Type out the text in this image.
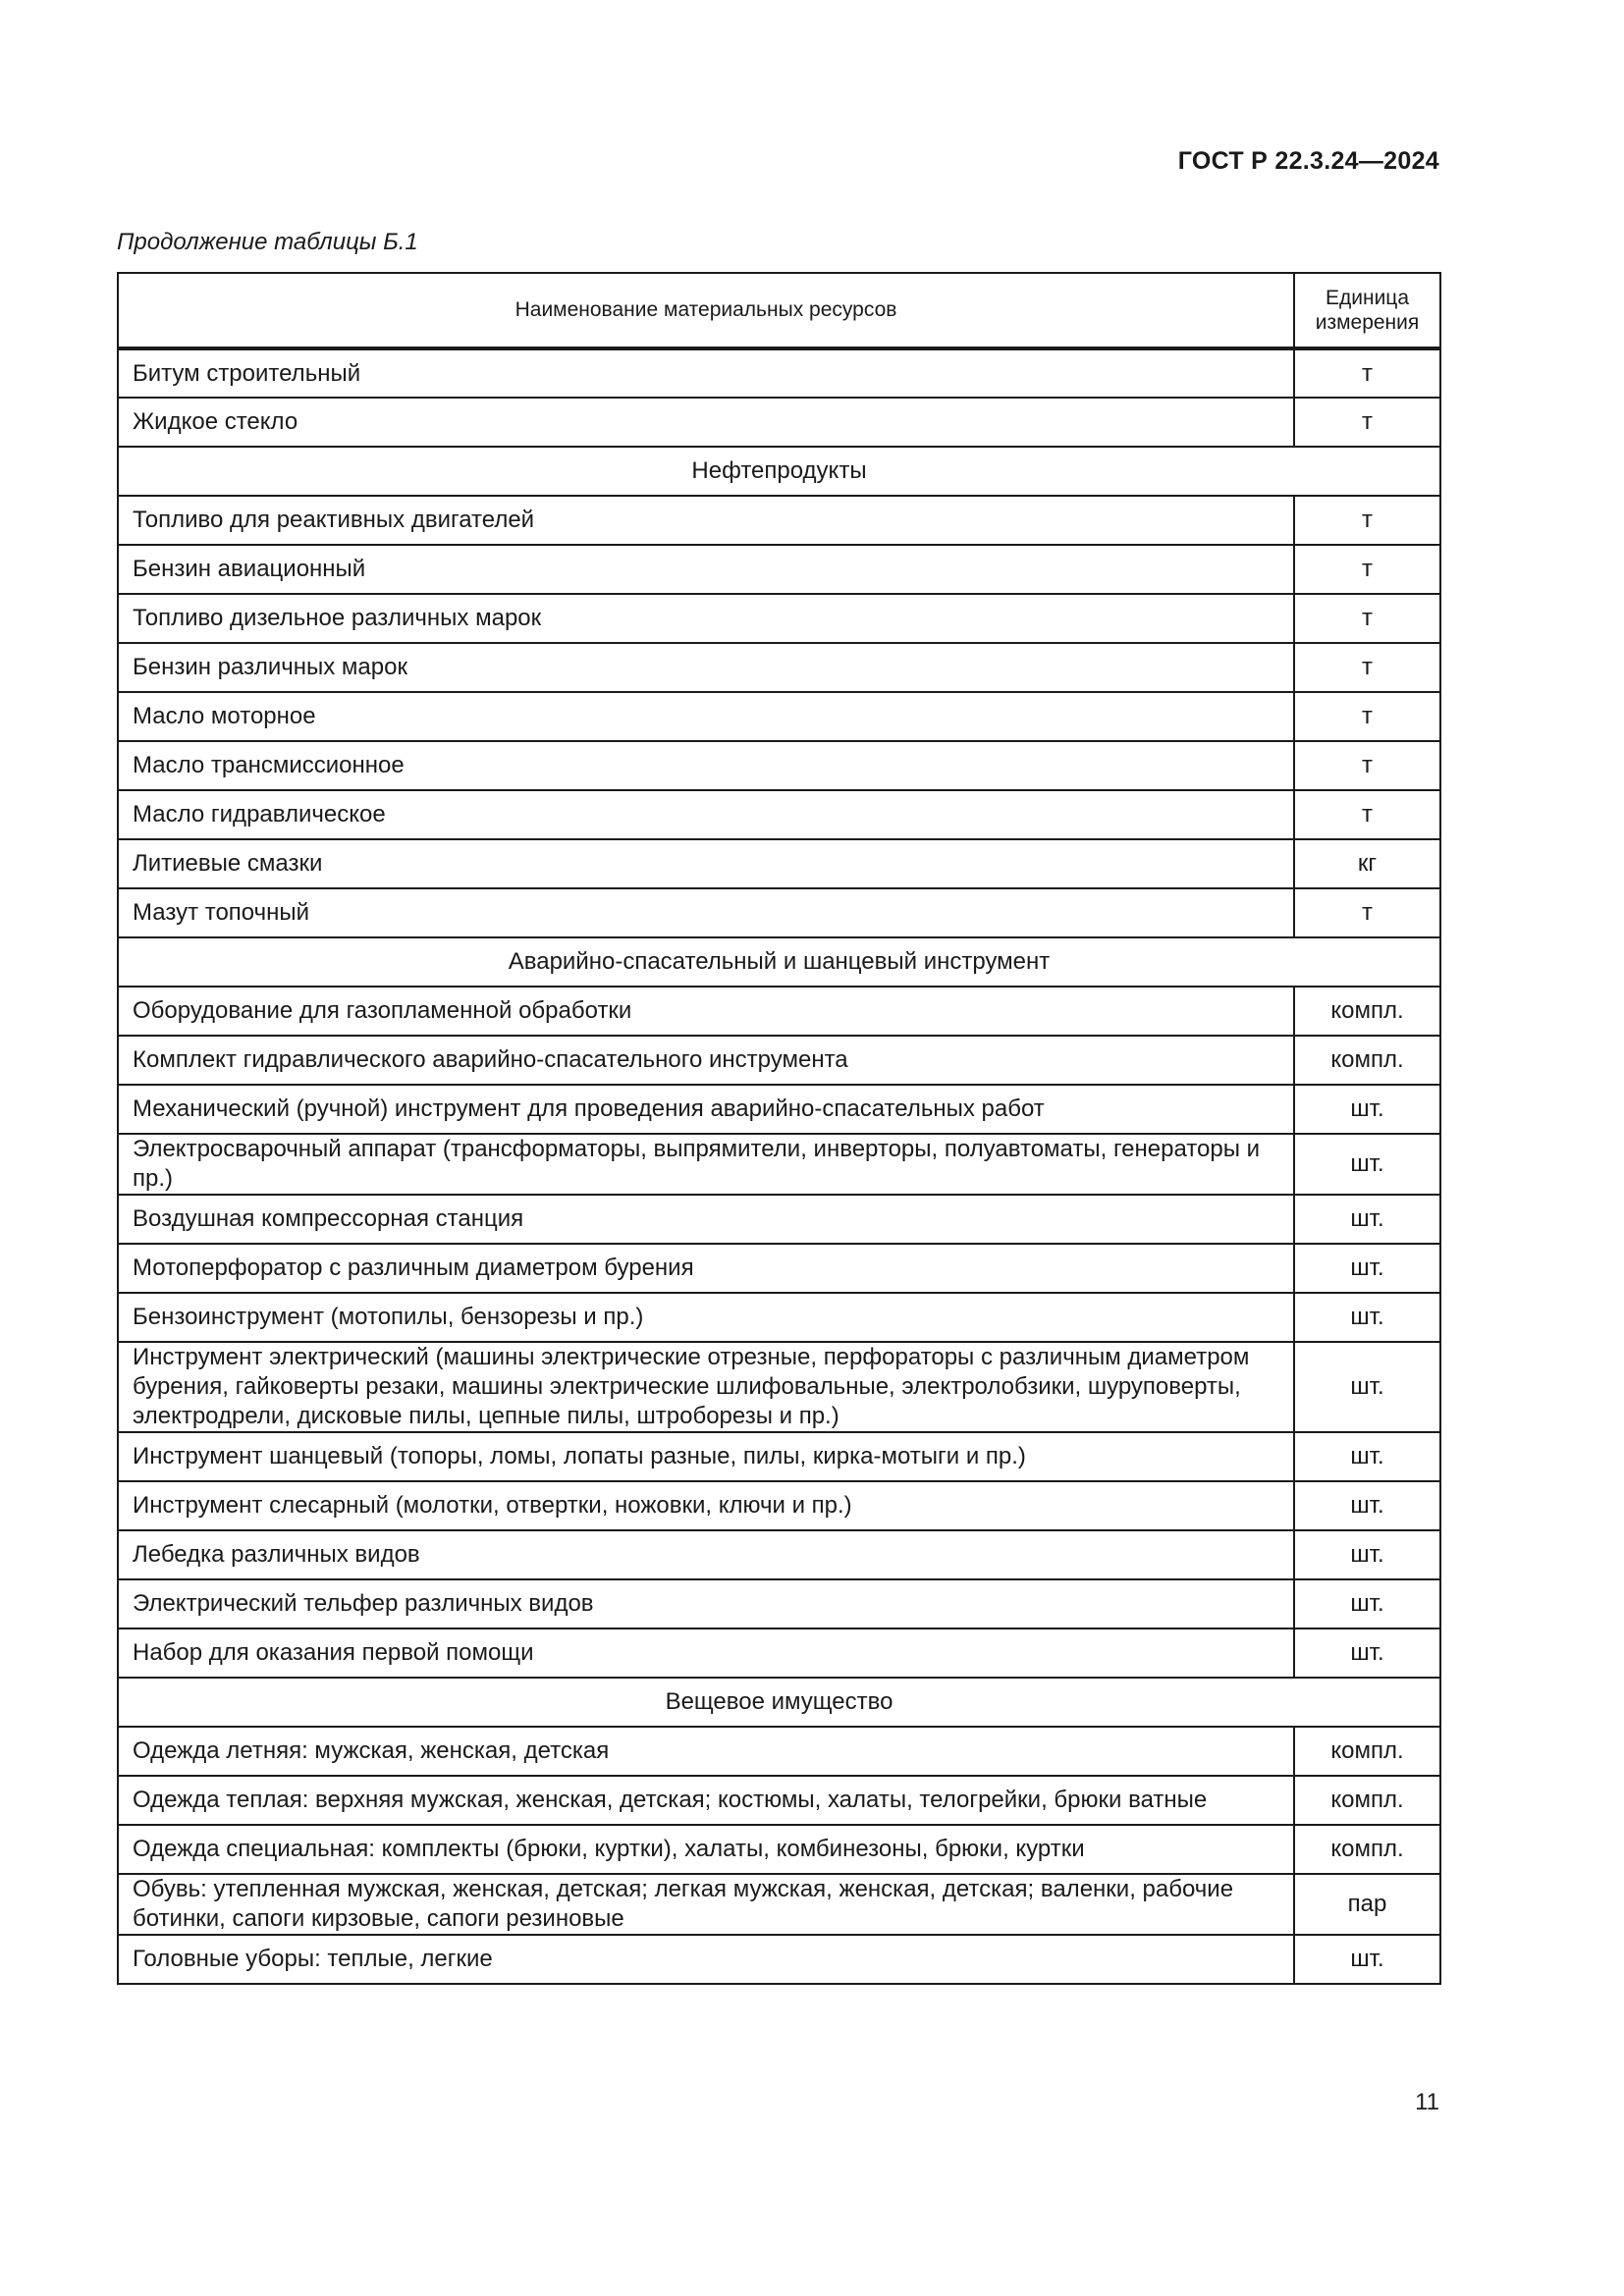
ГОСТ Р 22.3.24—2024
Продолжение таблицы Б.1
Наименование материальных ресурсов	Единица измерения
Битум строительный	т
Жидкое стекло	т
Нефтепродукты	
Топливо для реактивных двигателей	т
Бензин авиационный	т
Топливо дизельное различных марок	т
Бензин различных марок	т
Масло моторное	т
Масло трансмиссионное	т
Масло гидравлическое	т
Литиевые смазки	кг
Мазут топочный	т
Аварийно-спасательный и шанцевый инструмент	
Оборудование для газопламенной обработки	компл.
Комплект гидравлического аварийно-спасательного инструмента	компл.
Механический (ручной) инструмент для проведения аварийно-спасательных работ	шт.
Электросварочный аппарат (трансформаторы, выпрямители, инверторы, полуавтоматы, генераторы и пр.)	шт.
Воздушная компрессорная станция	шт.
Мотоперфоратор с различным диаметром бурения	шт.
Бензоинструмент (мотопилы, бензорезы и пр.)	шт.
Инструмент электрический (машины электрические отрезные, перфораторы с различным диаметром бурения, гайковерты резаки, машины электрические шлифовальные, электролобзики, шуруповерты, электродрели, дисковые пилы, цепные пилы, штроборезы и пр.)	шт.
Инструмент шанцевый (топоры, ломы, лопаты разные, пилы, кирка-мотыги и пр.)	шт.
Инструмент слесарный (молотки, отвертки, ножовки, ключи и пр.)	шт.
Лебедка различных видов	шт.
Электрический тельфер различных видов	шт.
Набор для оказания первой помощи	шт.
Вещевое имущество	
Одежда летняя: мужская, женская, детская	компл.
Одежда теплая: верхняя мужская, женская, детская; костюмы, халаты, телогрейки, брюки ватные	компл.
Одежда специальная: комплекты (брюки, куртки), халаты, комбинезоны, брюки, куртки	компл.
Обувь: утепленная мужская, женская, детская; легкая мужская, женская, детская; валенки, рабочие ботинки, сапоги кирзовые, сапоги резиновые	пар
Головные уборы: теплые, легкие	шт.
11
